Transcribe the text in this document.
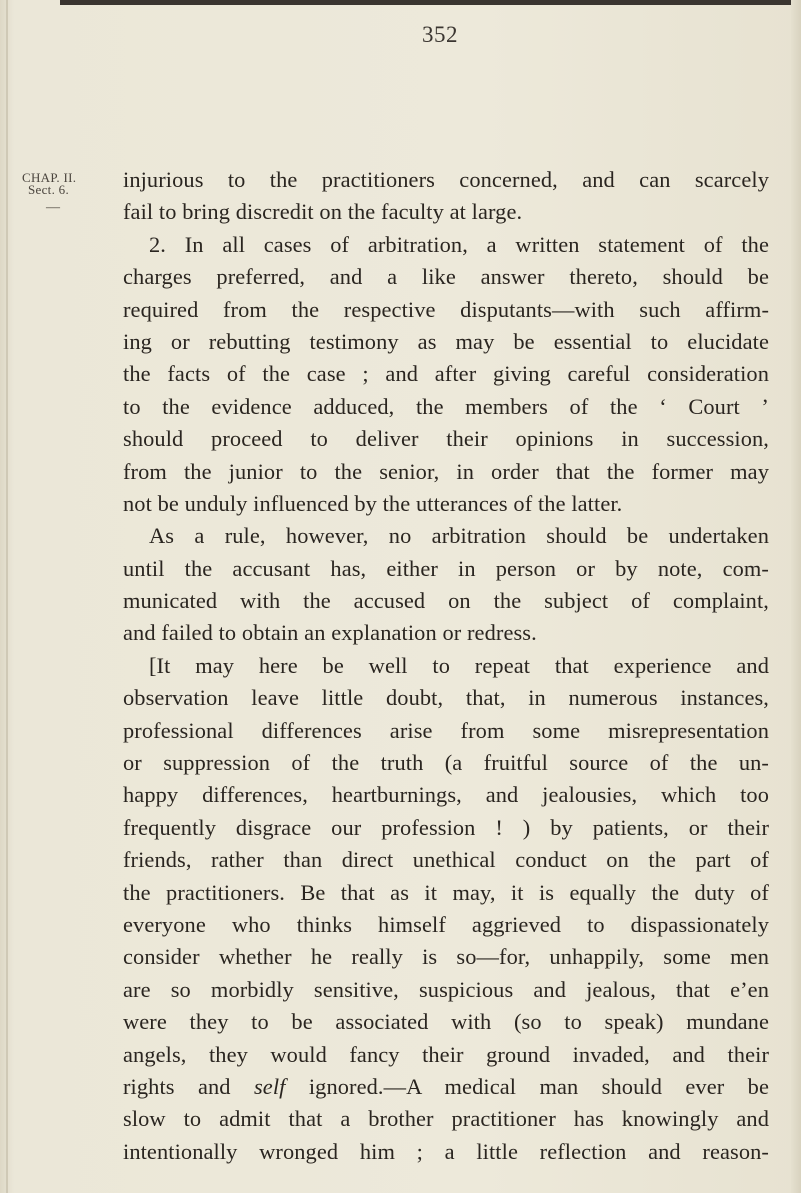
352
CHAP. II.
Sect. 6.
—
injurious to the practitioners concerned, and can scarcely
fail to bring discredit on the faculty at large.
2. In all cases of arbitration, a written statement of the
charges preferred, and a like answer thereto, should be
required from the respective disputants—with such affirm-
ing or rebutting testimony as may be essential to elucidate
the facts of the case ; and after giving careful consideration
to the evidence adduced, the members of the ‘ Court ’
should proceed to deliver their opinions in succession,
from the junior to the senior, in order that the former may
not be unduly influenced by the utterances of the latter.
As a rule, however, no arbitration should be undertaken
until the accusant has, either in person or by note, com-
municated with the accused on the subject of complaint,
and failed to obtain an explanation or redress.
[It may here be well to repeat that experience and
observation leave little doubt, that, in numerous instances,
professional differences arise from some misrepresentation
or suppression of the truth (a fruitful source of the un-
happy differences, heartburnings, and jealousies, which too
frequently disgrace our profession ! ) by patients, or their
friends, rather than direct unethical conduct on the part of
the practitioners. Be that as it may, it is equally the duty of
everyone who thinks himself aggrieved to dispassionately
consider whether he really is so—for, unhappily, some men
are so morbidly sensitive, suspicious and jealous, that e’en
were they to be associated with (so to speak) mundane
angels, they would fancy their ground invaded, and their
rights and self ignored.—A medical man should ever be
slow to admit that a brother practitioner has knowingly and
intentionally wronged him ; a little reflection and reason-
